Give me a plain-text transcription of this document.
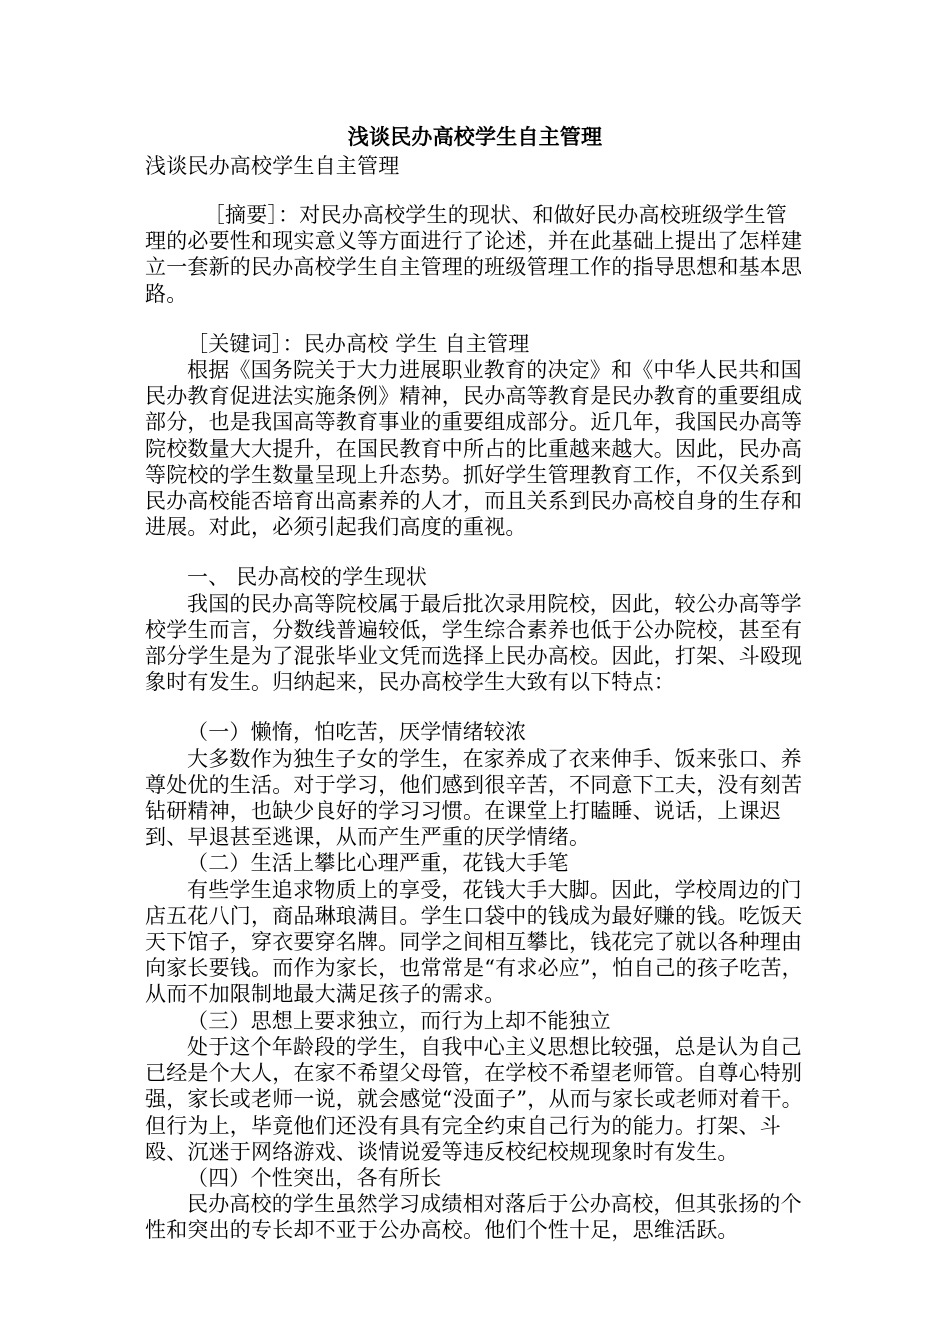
浅谈民办高校学生自主管理

浅谈民办高校学生自主管理

［摘要］：对民办高校学生的现状、和做好民办高校班级学生管理的必要性和现实意义等方面进行了论述，并在此基础上提出了怎样建立一套新的民办高校学生自主管理的班级管理工作的指导思想和基本思路。

［关键词］：民办高校 学生 自主管理

根据《国务院关于大力进展职业教育的决定》和《中华人民共和国民办教育促进法实施条例》精神，民办高等教育是民办教育的重要组成部分，也是我国高等教育事业的重要组成部分。近几年，我国民办高等院校数量大大提升，在国民教育中所占的比重越来越大。因此，民办高等院校的学生数量呈现上升态势。抓好学生管理教育工作，不仅关系到民办高校能否培育出高素养的人才，而且关系到民办高校自身的生存和进展。对此，必须引起我们高度的重视。

一、 民办高校的学生现状

我国的民办高等院校属于最后批次录用院校，因此，较公办高等学校学生而言，分数线普遍较低，学生综合素养也低于公办院校，甚至有部分学生是为了混张毕业文凭而选择上民办高校。因此，打架、斗殴现象时有发生。归纳起来，民办高校学生大致有以下特点：

（一）懒惰，怕吃苦，厌学情绪较浓

大多数作为独生子女的学生，在家养成了衣来伸手、饭来张口、养尊处优的生活。对于学习，他们感到很辛苦，不同意下工夫，没有刻苦钻研精神，也缺少良好的学习习惯。在课堂上打瞌睡、说话，上课迟到、早退甚至逃课，从而产生严重的厌学情绪。

（二）生活上攀比心理严重，花钱大手笔

有些学生追求物质上的享受，花钱大手大脚。因此，学校周边的门店五花八门，商品琳琅满目。学生口袋中的钱成为最好赚的钱。吃饭天天下馆子，穿衣要穿名牌。同学之间相互攀比，钱花完了就以各种理由向家长要钱。而作为家长，也常常是“有求必应”，怕自己的孩子吃苦，从而不加限制地最大满足孩子的需求。

（三）思想上要求独立，而行为上却不能独立

处于这个年龄段的学生，自我中心主义思想比较强，总是认为自己已经是个大人，在家不希望父母管，在学校不希望老师管。自尊心特别强，家长或老师一说，就会感觉“没面子”，从而与家长或老师对着干。但行为上，毕竟他们还没有具有完全约束自己行为的能力。打架、斗殴、沉迷于网络游戏、谈情说爱等违反校纪校规现象时有发生。

（四）个性突出，各有所长

民办高校的学生虽然学习成绩相对落后于公办高校，但其张扬的个性和突出的专长却不亚于公办高校。他们个性十足，思维活跃。
